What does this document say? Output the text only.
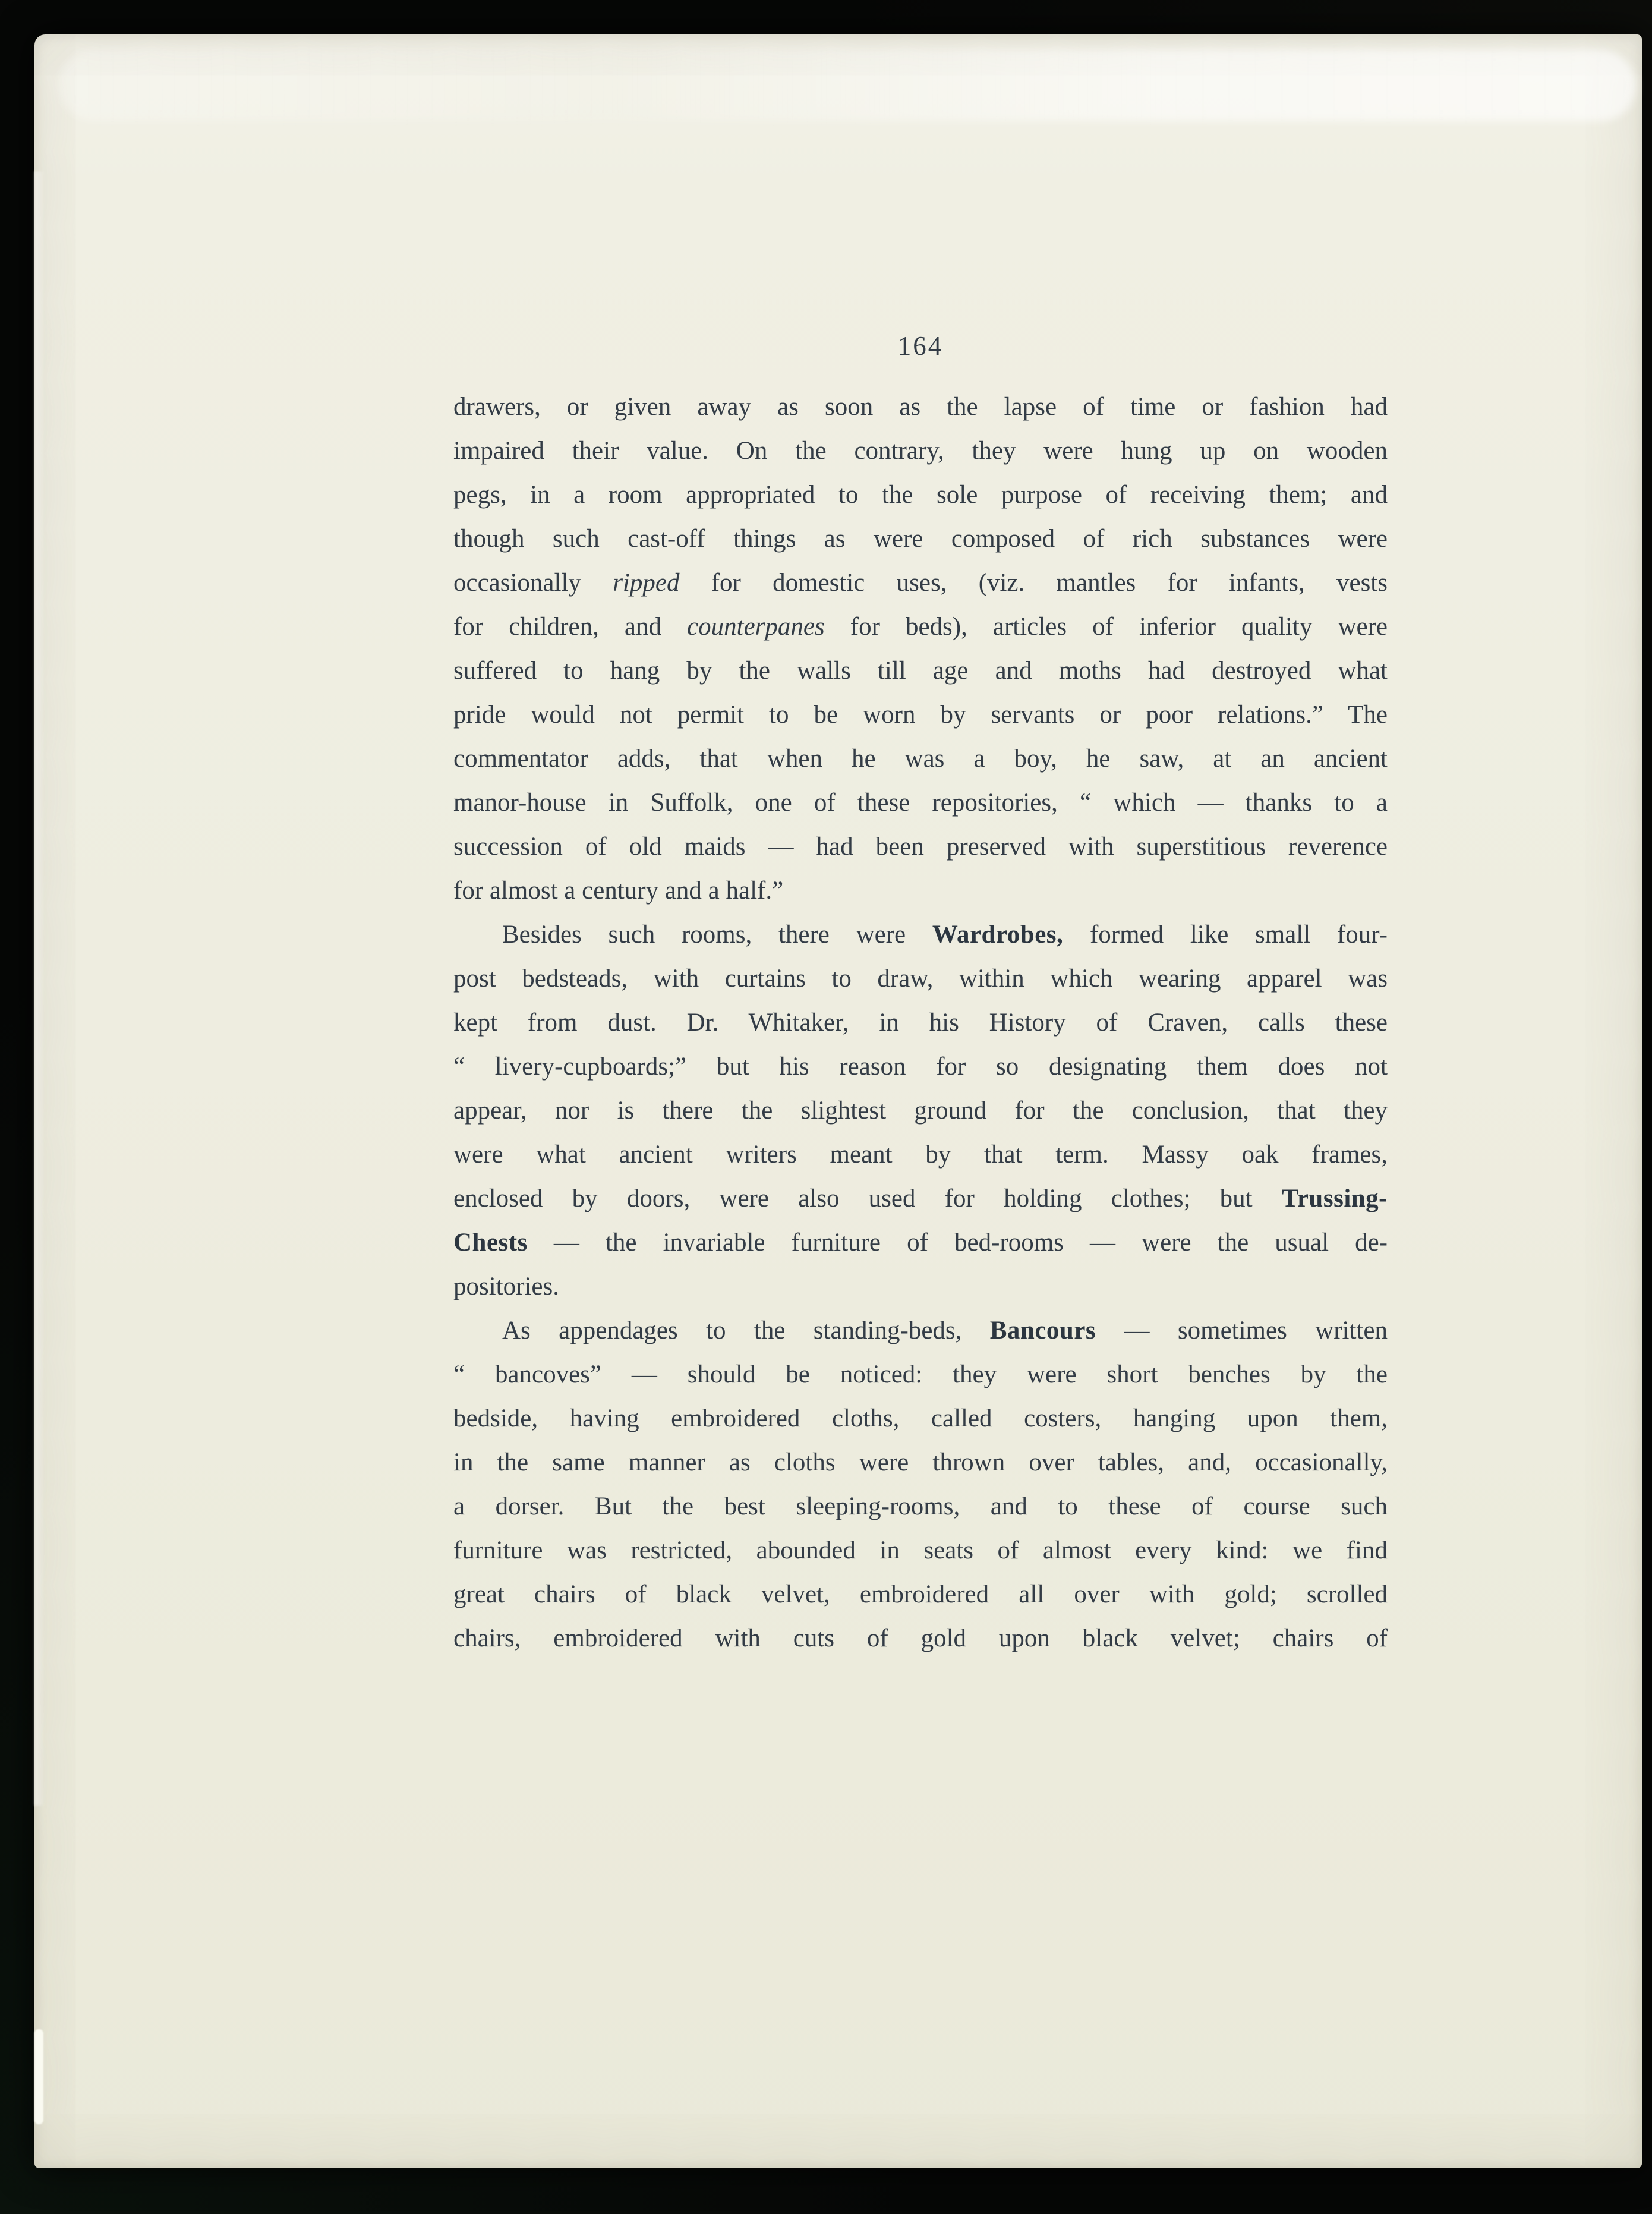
164
drawers, or given away as soon as the lapse of time or fashion had
impaired their value. On the contrary, they were hung up on wooden
pegs, in a room appropriated to the sole purpose of receiving them; and
though such cast-off things as were composed of rich substances were
occasionally ripped for domestic uses, (viz. mantles for infants, vests
for children, and counterpanes for beds), articles of inferior quality were
suffered to hang by the walls till age and moths had destroyed what
pride would not permit to be worn by servants or poor relations.” The
commentator adds, that when he was a boy, he saw, at an ancient
manor-house in Suffolk, one of these repositories, “ which — thanks to a
succession of old maids — had been preserved with superstitious reverence
for almost a century and a half.”
Besides such rooms, there were Wardrobes, formed like small four-
post bedsteads, with curtains to draw, within which wearing apparel was
kept from dust. Dr. Whitaker, in his History of Craven, calls these
“ livery-cupboards;” but his reason for so designating them does not
appear, nor is there the slightest ground for the conclusion, that they
were what ancient writers meant by that term. Massy oak frames,
enclosed by doors, were also used for holding clothes; but Trussing-
Chests — the invariable furniture of bed-rooms — were the usual de-
positories.
As appendages to the standing-beds, Bancours — sometimes written
“ bancoves” — should be noticed: they were short benches by the
bedside, having embroidered cloths, called costers, hanging upon them,
in the same manner as cloths were thrown over tables, and, occasionally,
a dorser. But the best sleeping-rooms, and to these of course such
furniture was restricted, abounded in seats of almost every kind: we find
great chairs of black velvet, embroidered all over with gold; scrolled
chairs, embroidered with cuts of gold upon black velvet; chairs of
